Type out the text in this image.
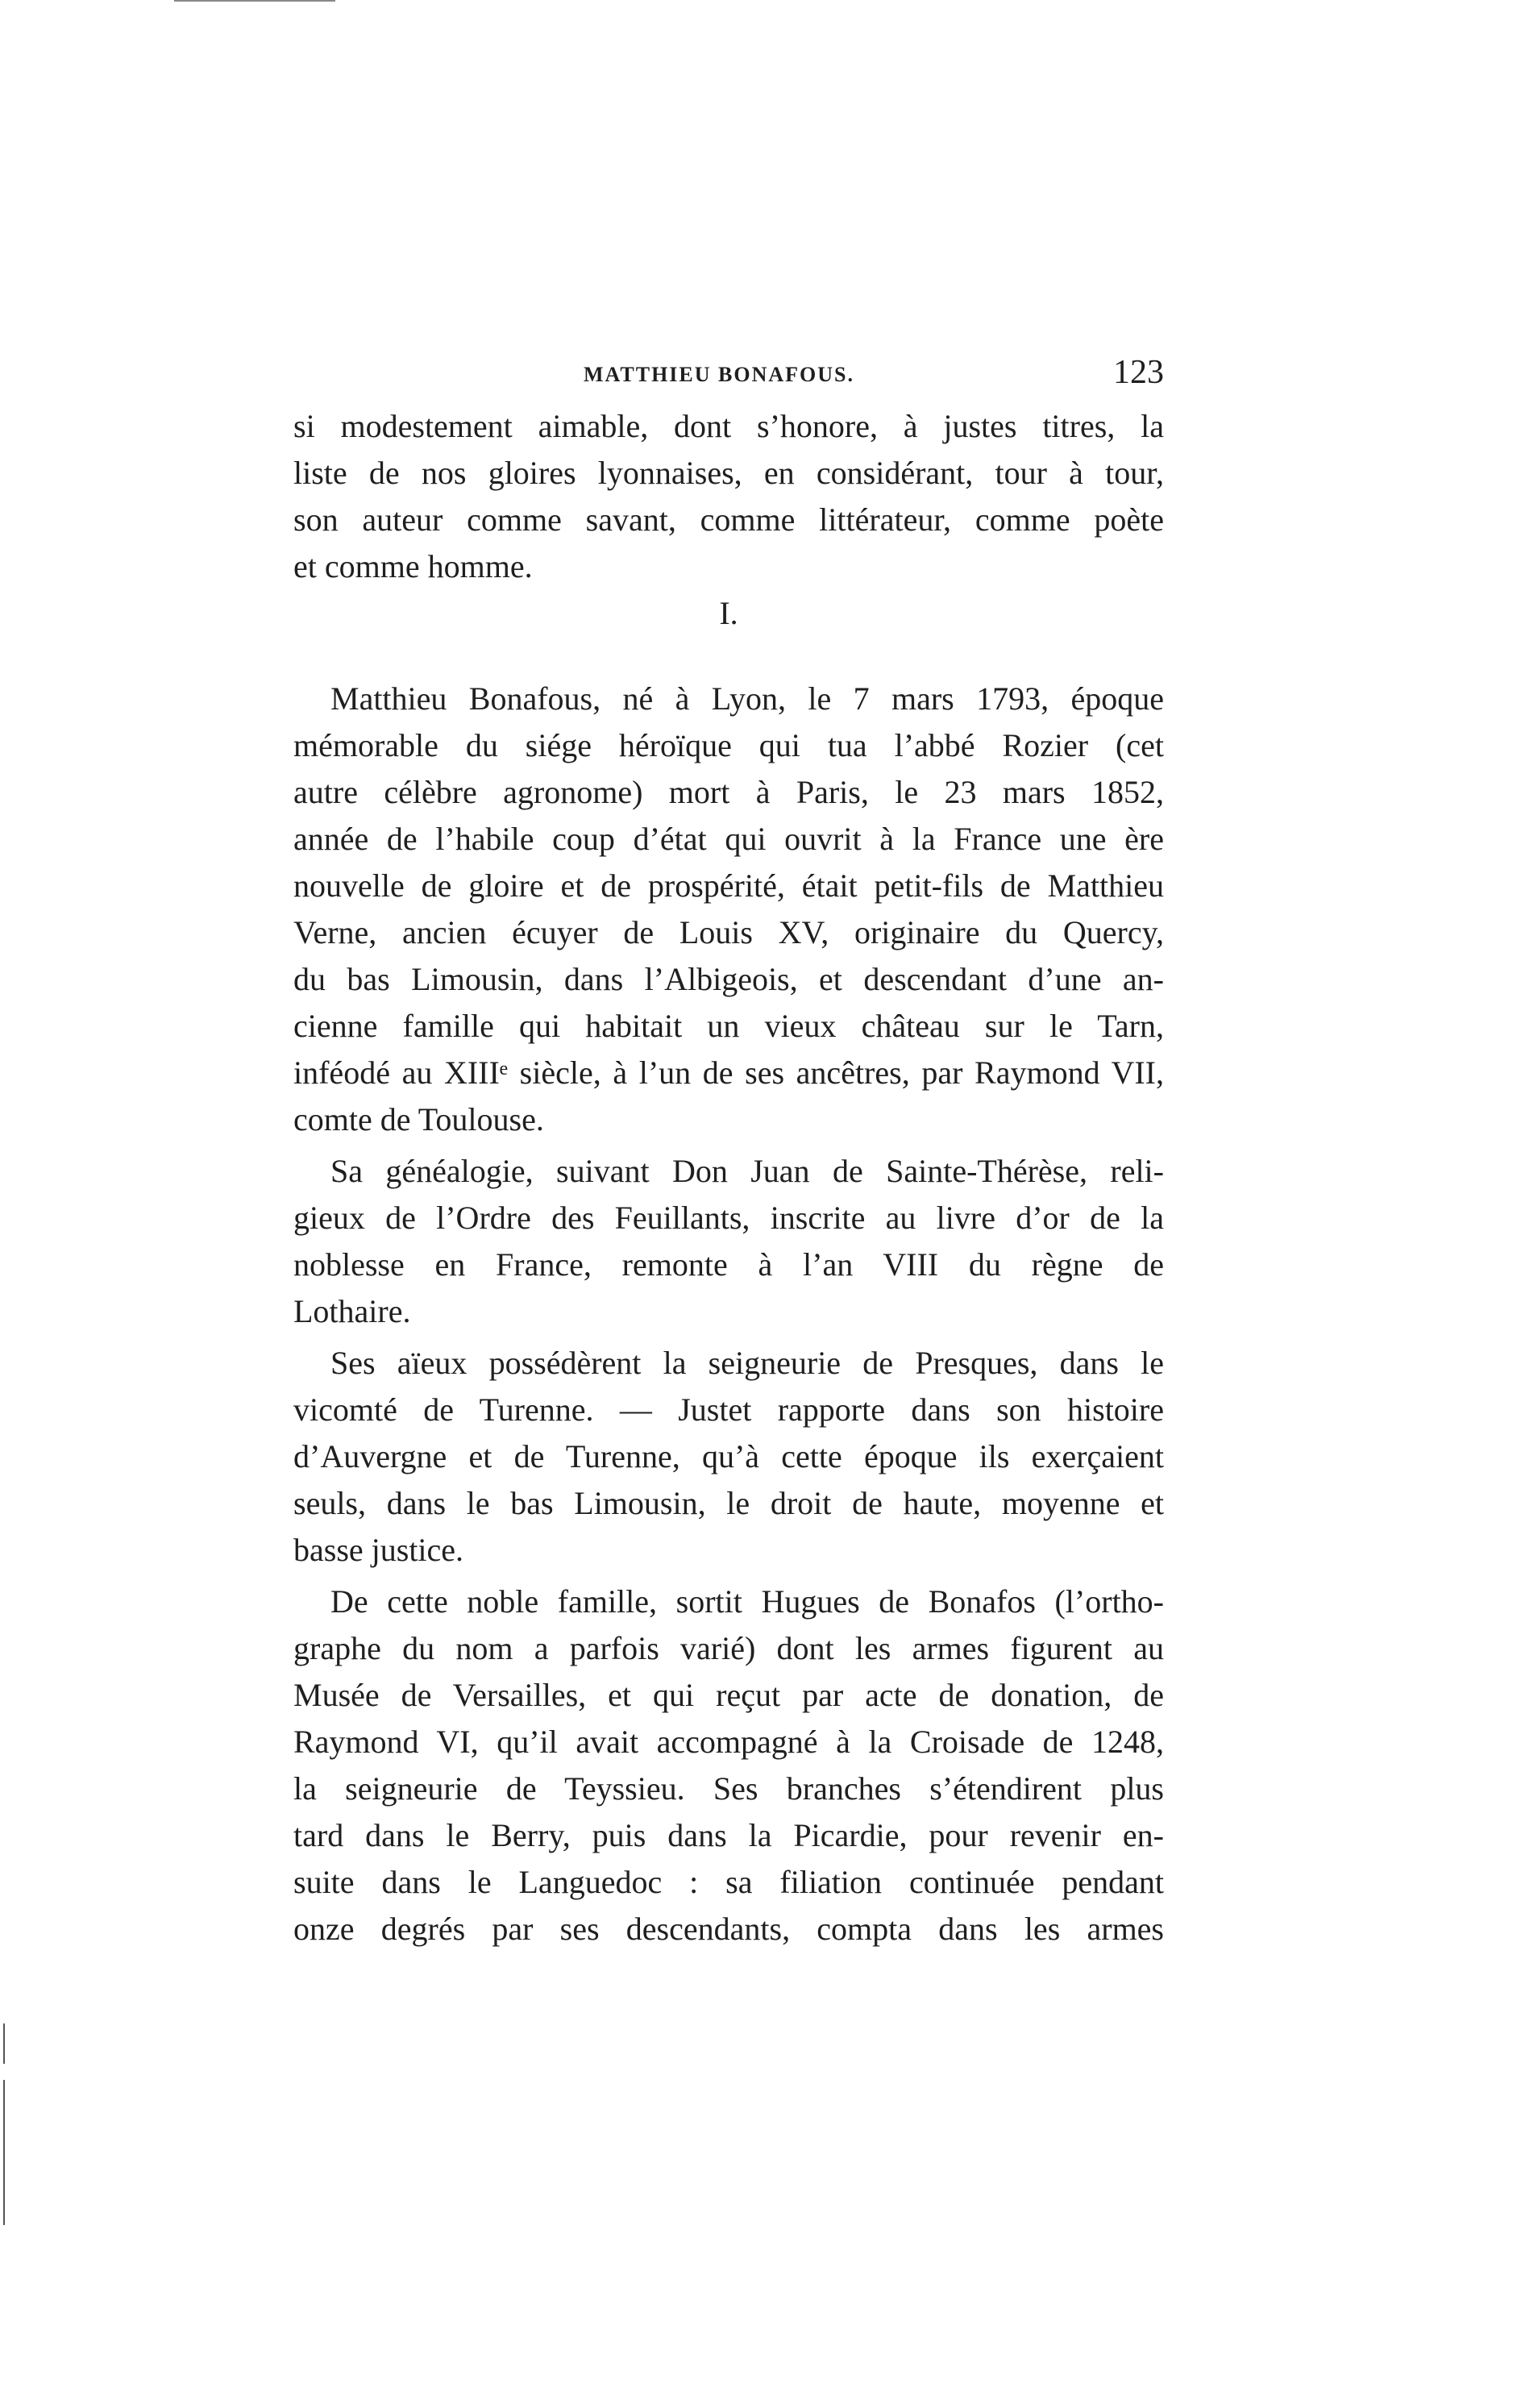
MATTHIEU BONAFOUS.	123
si modestement aimable, dont s’honore, à justes titres, la
liste de nos gloires lyonnaises, en considérant, tour à tour,
son auteur comme savant, comme littérateur, comme poète
et comme homme.
I.
Matthieu Bonafous, né à Lyon, le 7 mars 1793, époque
mémorable du siége héroïque qui tua l’abbé Rozier (cet
autre célèbre agronome) mort à Paris, le 23 mars 1852,
année de l’habile coup d’état qui ouvrit à la France une ère
nouvelle de gloire et de prospérité, était petit-fils de Matthieu
Verne, ancien écuyer de Louis XV, originaire du Quercy,
du bas Limousin, dans l’Albigeois, et descendant d’une an-
cienne famille qui habitait un vieux château sur le Tarn,
inféodé au XIIIᵉ siècle, à l’un de ses ancêtres, par Raymond VII,
comte de Toulouse.
Sa généalogie, suivant Don Juan de Sainte-Thérèse, reli-
gieux de l’Ordre des Feuillants, inscrite au livre d’or de la
noblesse en France, remonte à l’an VIII du règne de
Lothaire.
Ses aïeux possédèrent la seigneurie de Presques, dans le
vicomté de Turenne. — Justet rapporte dans son histoire
d’Auvergne et de Turenne, qu’à cette époque ils exerçaient
seuls, dans le bas Limousin, le droit de haute, moyenne et
basse justice.
De cette noble famille, sortit Hugues de Bonafos (l’ortho-
graphe du nom a parfois varié) dont les armes figurent au
Musée de Versailles, et qui reçut par acte de donation, de
Raymond VI, qu’il avait accompagné à la Croisade de 1248,
la seigneurie de Teyssieu. Ses branches s’étendirent plus
tard dans le Berry, puis dans la Picardie, pour revenir en-
suite dans le Languedoc : sa filiation continuée pendant
onze degrés par ses descendants, compta dans les armes
